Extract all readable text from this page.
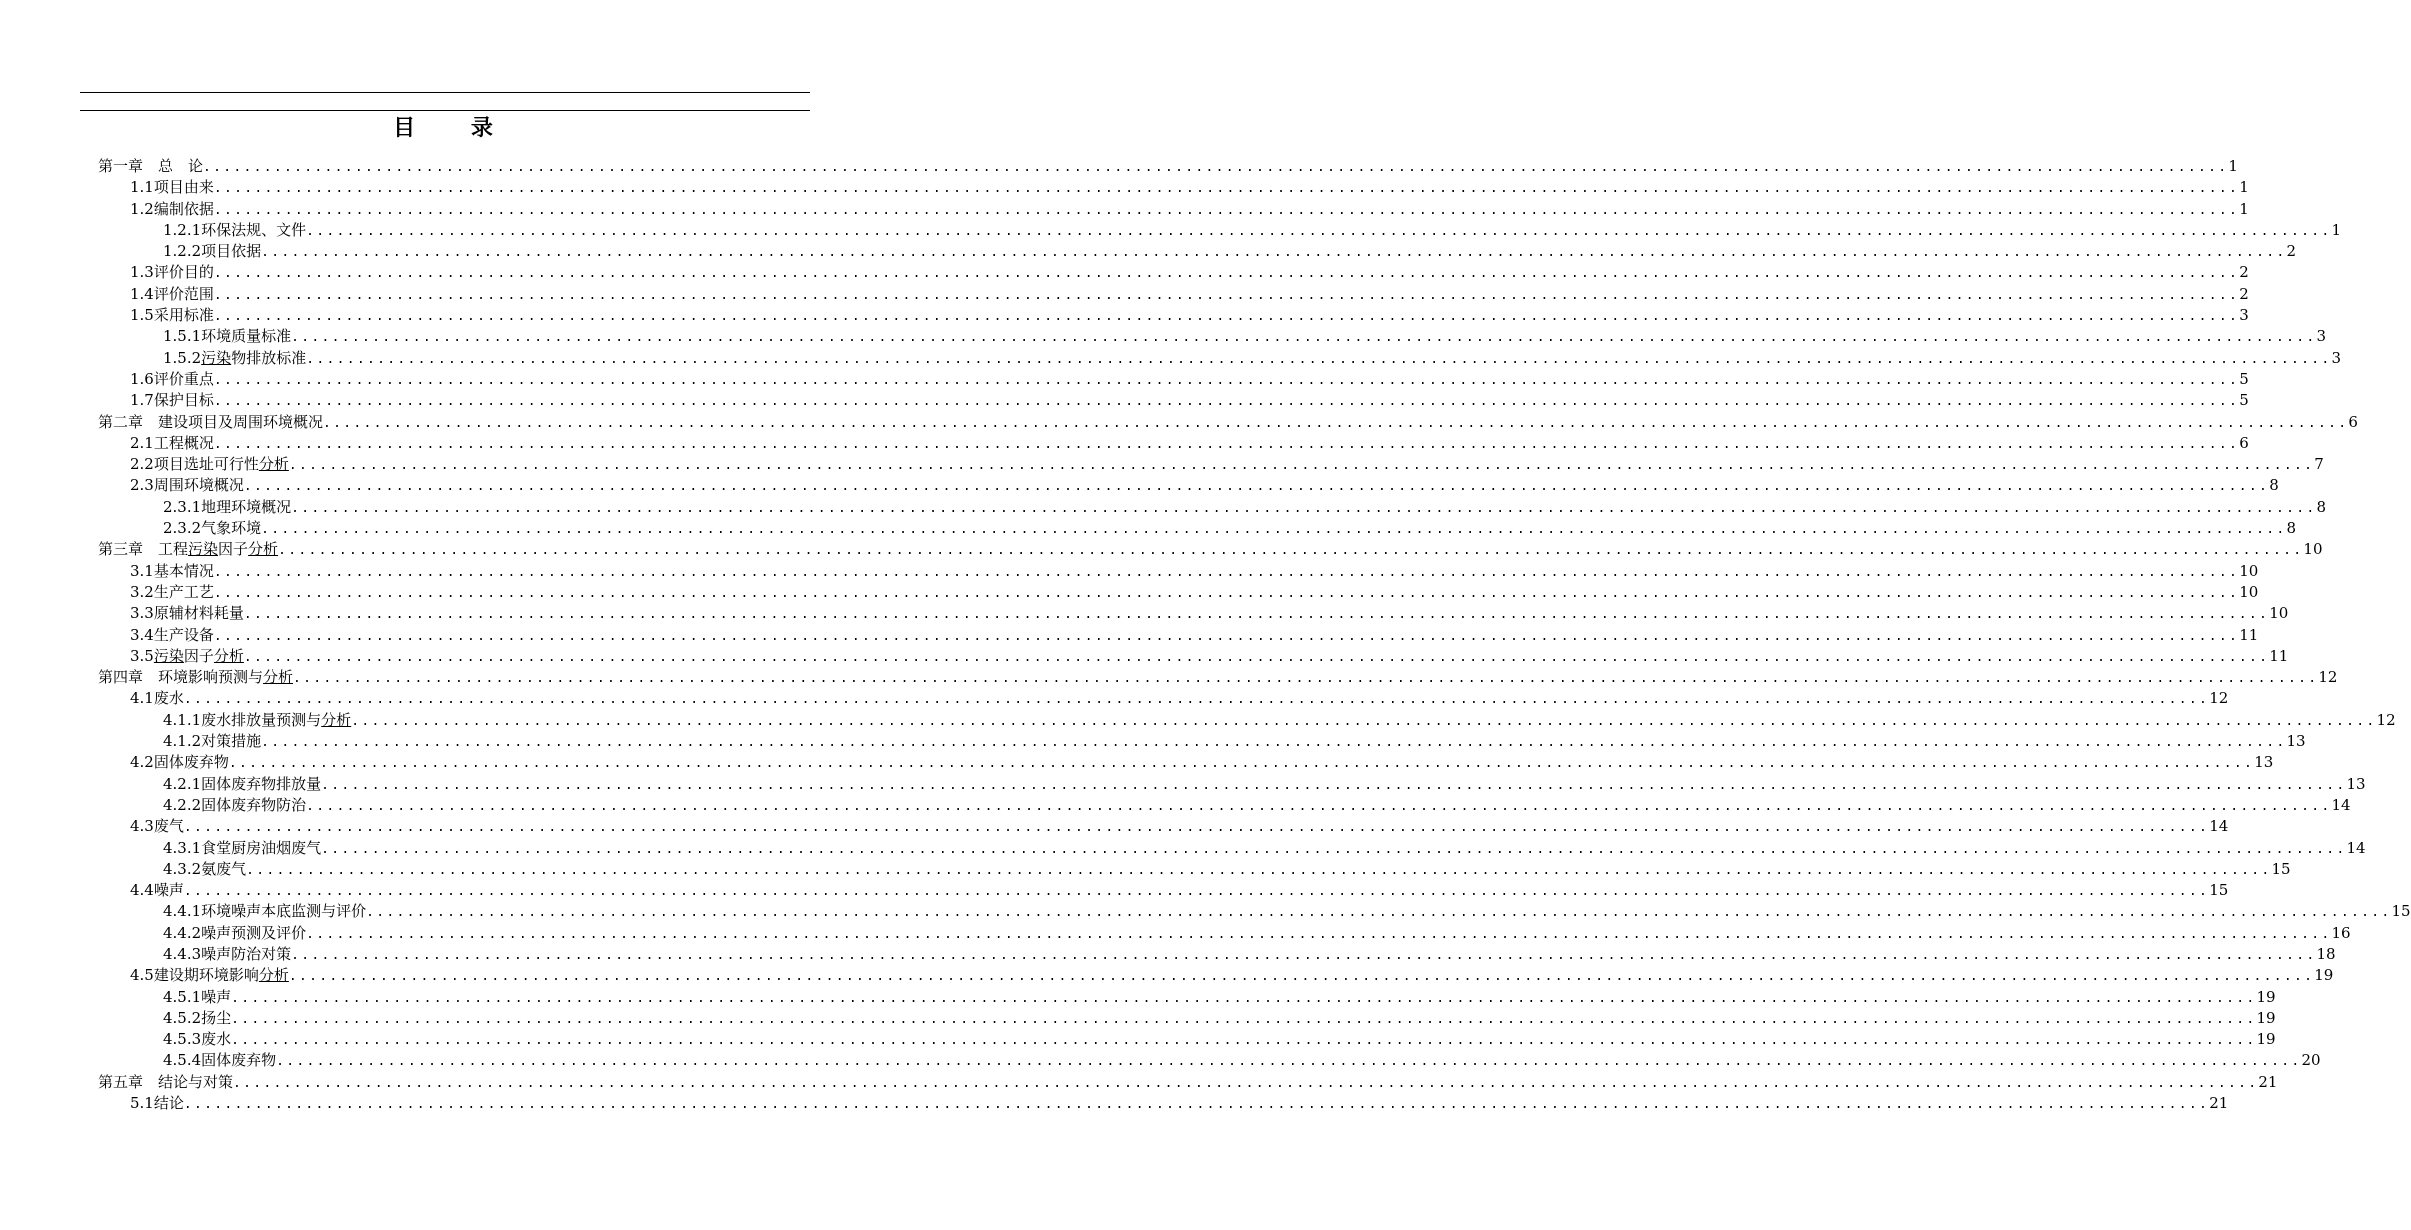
目 录
第一章　总　论 ........................................................................................................................................................................................................ 1
1.1项目由来 ........................................................................................................................................................................................................ 1
1.2编制依据 ........................................................................................................................................................................................................ 1
1.2.1环保法规、文件 ........................................................................................................................................................................................................ 1
1.2.2项目依据 ........................................................................................................................................................................................................ 2
1.3评价目的 ........................................................................................................................................................................................................ 2
1.4评价范围 ........................................................................................................................................................................................................ 2
1.5采用标准 ........................................................................................................................................................................................................ 3
1.5.1环境质量标准 ........................................................................................................................................................................................................ 3
1.5.2污染物排放标准 ........................................................................................................................................................................................................ 3
1.6评价重点 ........................................................................................................................................................................................................ 5
1.7保护目标 ........................................................................................................................................................................................................ 5
第二章　建设项目及周围环境概况 ........................................................................................................................................................................................................ 6
2.1工程概况 ........................................................................................................................................................................................................ 6
2.2项目选址可行性分析 ........................................................................................................................................................................................................ 7
2.3周围环境概况 ........................................................................................................................................................................................................ 8
2.3.1地理环境概况 ........................................................................................................................................................................................................ 8
2.3.2气象环境 ........................................................................................................................................................................................................ 8
第三章　工程污染因子分析 ........................................................................................................................................................................................................ 10
3.1基本情况 ........................................................................................................................................................................................................ 10
3.2生产工艺 ........................................................................................................................................................................................................ 10
3.3原辅材料耗量 ........................................................................................................................................................................................................ 10
3.4生产设备 ........................................................................................................................................................................................................ 11
3.5污染因子分析 ........................................................................................................................................................................................................ 11
第四章　环境影响预测与分析 ........................................................................................................................................................................................................ 12
4.1废水 ........................................................................................................................................................................................................ 12
4.1.1废水排放量预测与分析 ........................................................................................................................................................................................................ 12
4.1.2对策措施 ........................................................................................................................................................................................................ 13
4.2固体废弃物 ........................................................................................................................................................................................................ 13
4.2.1固体废弃物排放量 ........................................................................................................................................................................................................ 13
4.2.2固体废弃物防治 ........................................................................................................................................................................................................ 14
4.3废气 ........................................................................................................................................................................................................ 14
4.3.1食堂厨房油烟废气 ........................................................................................................................................................................................................ 14
4.3.2氨废气 ........................................................................................................................................................................................................ 15
4.4噪声 ........................................................................................................................................................................................................ 15
4.4.1环境噪声本底监测与评价 ........................................................................................................................................................................................................ 15
4.4.2噪声预测及评价 ........................................................................................................................................................................................................ 16
4.4.3噪声防治对策 ........................................................................................................................................................................................................ 18
4.5建设期环境影响分析 ........................................................................................................................................................................................................ 19
4.5.1噪声 ........................................................................................................................................................................................................ 19
4.5.2扬尘 ........................................................................................................................................................................................................ 19
4.5.3废水 ........................................................................................................................................................................................................ 19
4.5.4固体废弃物 ........................................................................................................................................................................................................ 20
第五章　结论与对策 ........................................................................................................................................................................................................ 21
5.1结论 ........................................................................................................................................................................................................ 21
